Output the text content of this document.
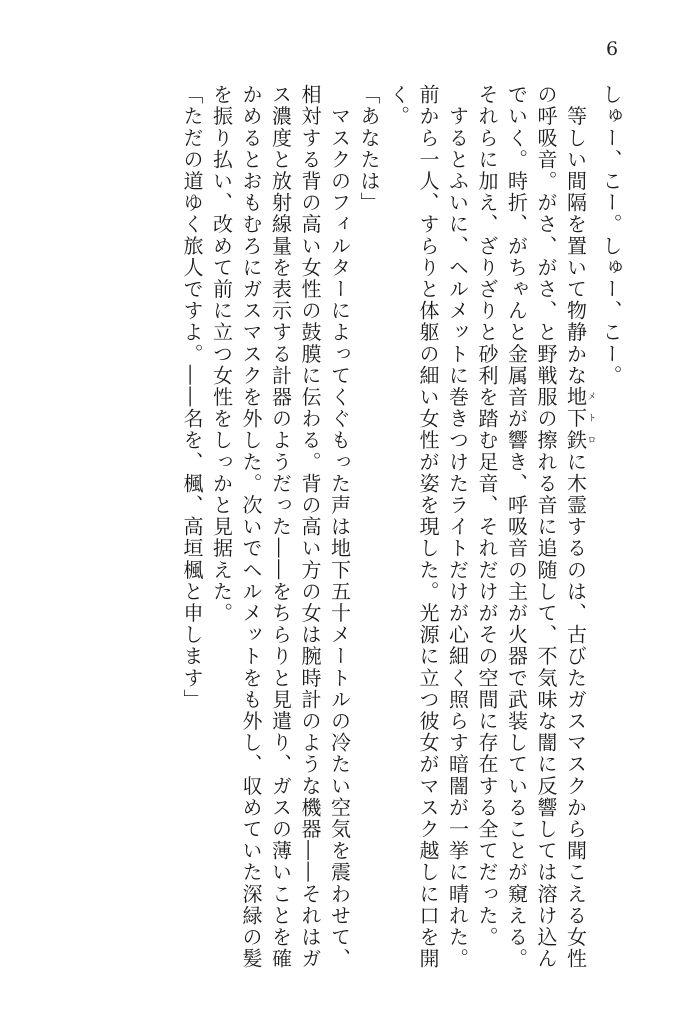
6

しゅー、こー。しゅー、こー。

　等しい間隔を置いて物静かな地下鉄メトロに木霊するのは、古びたガスマスクから聞こえる女性の呼吸音。がさ、がさ、と野戦服の擦れる音に追随して、不気味な闇に反響しては溶け込んでいく。時折、がちゃんと金属音が響き、呼吸音の主が火器で武装していることが窺える。それらに加え、ざりざりと砂利を踏む足音、それだけがその空間に存在する全てだった。

　するとふいに、ヘルメットに巻きつけたライトだけが心細く照らす暗闇が一挙に晴れた。前から一人、すらりと体躯の細い女性が姿を現した。光源に立つ彼女がマスク越しに口を開く。

「あなたは」

　マスクのフィルターによってくぐもった声は地下五十メートルの冷たい空気を震わせて、相対する背の高い女性の鼓膜に伝わる。背の高い方の女は腕時計のような機器――それはガス濃度と放射線量を表示する計器のようだった――をちらりと見遣り、ガスの薄いことを確かめるとおもむろにガスマスクを外した。次いでヘルメットをも外し、収めていた深緑の髪を振り払い、改めて前に立つ女性をしっかと見据えた。

「ただの道ゆく旅人ですよ。――名を、楓、高垣楓と申します」
